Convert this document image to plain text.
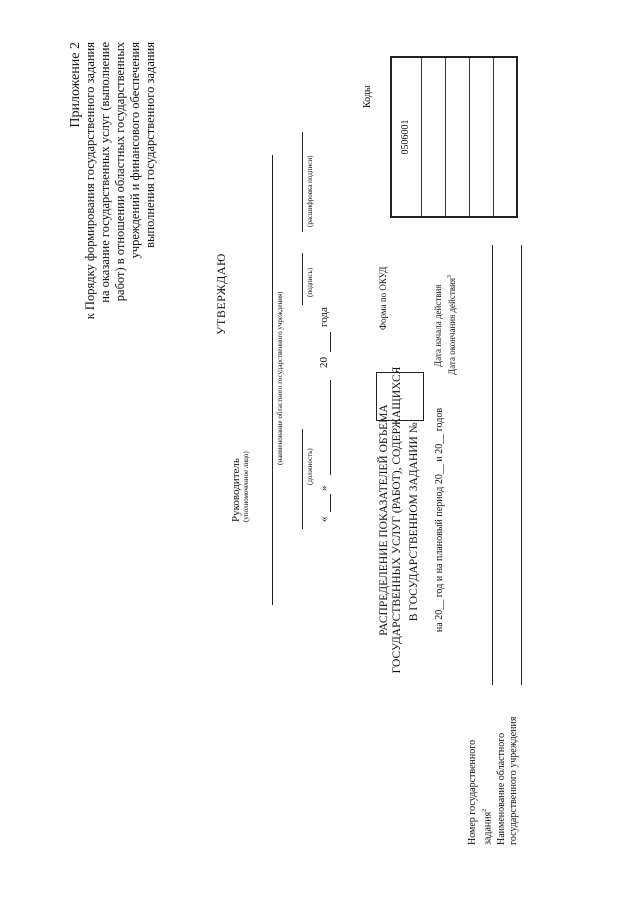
Приложение 2 к Порядку формирования государственного задания на оказание государственных услуг (выполнение работ) в отношении областных государственных учреждений и финансового обеспечения выполнения государственного задания
УТВЕРЖДАЮ
Руководитель (уполномоченное лицо)
(наименование областного государственного учреждения)
(должность)
(подпись)
(расшифровка подписи)
«
»
20
года
РАСПРЕДЕЛЕНИЕ ПОКАЗАТЕЛЕЙ ОБЪЕМА ГОСУДАРСТВЕННЫХ УСЛУГ (РАБОТ), СОДЕРЖАЩИХСЯ В ГОСУДАРСТВЕННОМ ЗАДАНИИ №$^1$	на 20__ год и на плановый период 20__ и 20__ годов
Коды
0506001
Форма по ОКУД	Дата начала действия Дата окончания действия$^3$
Номер государственного задания$^2$ Наименование областного государственного учреждения
